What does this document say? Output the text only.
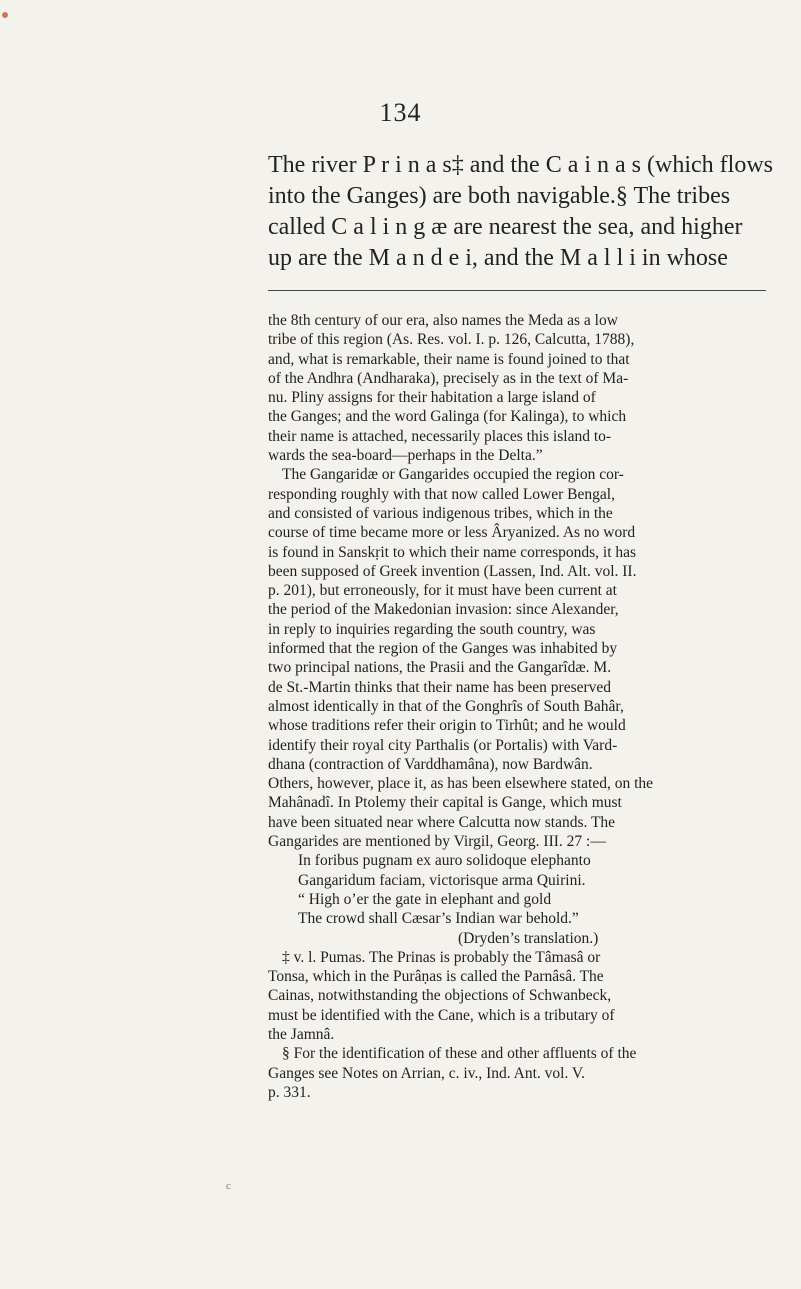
134
The river P r i n a s‡ and the C a i n a s (which flows
into the Ganges) are both navigable.§ The tribes
called C a l i n g æ are nearest the sea, and higher
up are the M a n d e i, and the M a l l i in whose
the 8th century of our era, also names the Meda as a low
tribe of this region (As. Res. vol. I. p. 126, Calcutta, 1788),
and, what is remarkable, their name is found joined to that
of the Andhra (Andharaka), precisely as in the text of Ma-
nu. Pliny assigns for their habitation a large island of
the Ganges; and the word Galinga (for Kalinga), to which
their name is attached, necessarily places this island to-
wards the sea-board—perhaps in the Delta.”
The Gangaridæ or Gangarides occupied the region cor-
responding roughly with that now called Lower Bengal,
and consisted of various indigenous tribes, which in the
course of time became more or less Âryanized. As no word
is found in Sanskṛit to which their name corresponds, it has
been supposed of Greek invention (Lassen, Ind. Alt. vol. II.
p. 201), but erroneously, for it must have been current at
the period of the Makedonian invasion: since Alexander,
in reply to inquiries regarding the south country, was
informed that the region of the Ganges was inhabited by
two principal nations, the Prasii and the Gangarîdæ. M.
de St.-Martin thinks that their name has been preserved
almost identically in that of the Gonghrîs of South Bahâr,
whose traditions refer their origin to Tirhût; and he would
identify their royal city Parthalis (or Portalis) with Vard-
dhana (contraction of Varddhamâna), now Bardwân.
Others, however, place it, as has been elsewhere stated, on the
Mahânadî. In Ptolemy their capital is Gange, which must
have been situated near where Calcutta now stands. The
Gangarides are mentioned by Virgil, Georg. III. 27 :—
In foribus pugnam ex auro solidoque elephanto
Gangaridum faciam, victorisque arma Quirini.
“ High o’er the gate in elephant and gold
The crowd shall Cæsar’s Indian war behold.”
(Dryden’s translation.)
‡ v. l. Pumas. The Prinas is probably the Tâmasâ or
Tonsa, which in the Purâṇas is called the Parnâsâ. The
Cainas, notwithstanding the objections of Schwanbeck,
must be identified with the Cane, which is a tributary of
the Jamnâ.
§ For the identification of these and other affluents of the
Ganges see Notes on Arrian, c. iv., Ind. Ant. vol. V.
p. 331.
c
